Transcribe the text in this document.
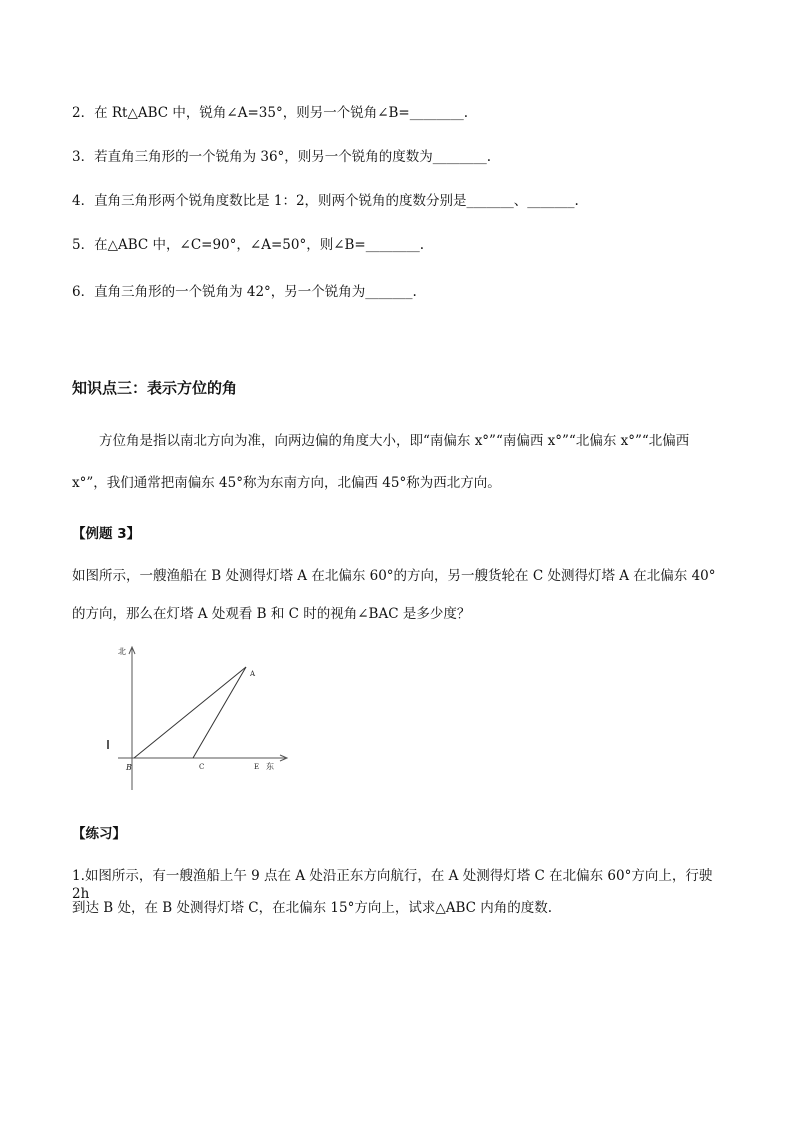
2．在 Rt△ABC 中，锐角∠A=35°，则另一个锐角∠B=________.
3．若直角三角形的一个锐角为 36°，则另一个锐角的度数为________.
4．直角三角形两个锐角度数比是 1：2，则两个锐角的度数分别是_______、_______.
5．在△ABC 中，∠C=90°，∠A=50°，则∠B=________.
6．直角三角形的一个锐角为 42°，另一个锐角为_______.
知识点三：表示方位的角
方位角是指以南北方向为准，向两边偏的角度大小，即“南偏东 x°”“南偏西 x°”“北偏东 x°”“北偏西
x°”，我们通常把南偏东 45°称为东南方向，北偏西 45°称为西北方向。
【例题 3】
如图所示，一艘渔船在 B 处测得灯塔 A 在北偏东 60°的方向，另一艘货轮在 C 处测得灯塔 A 在北偏东 40°
的方向，那么在灯塔 A 处观看 B 和 C 时的视角∠BAC 是多少度？
北
A
B	C	E 东
【练习】
1.如图所示，有一艘渔船上午 9 点在 A 处沿正东方向航行，在 A 处测得灯塔 C 在北偏东 60°方向上，行驶 2h
到达 B 处，在 B 处测得灯塔 C，在北偏东 15°方向上，试求△ABC 内角的度数.
